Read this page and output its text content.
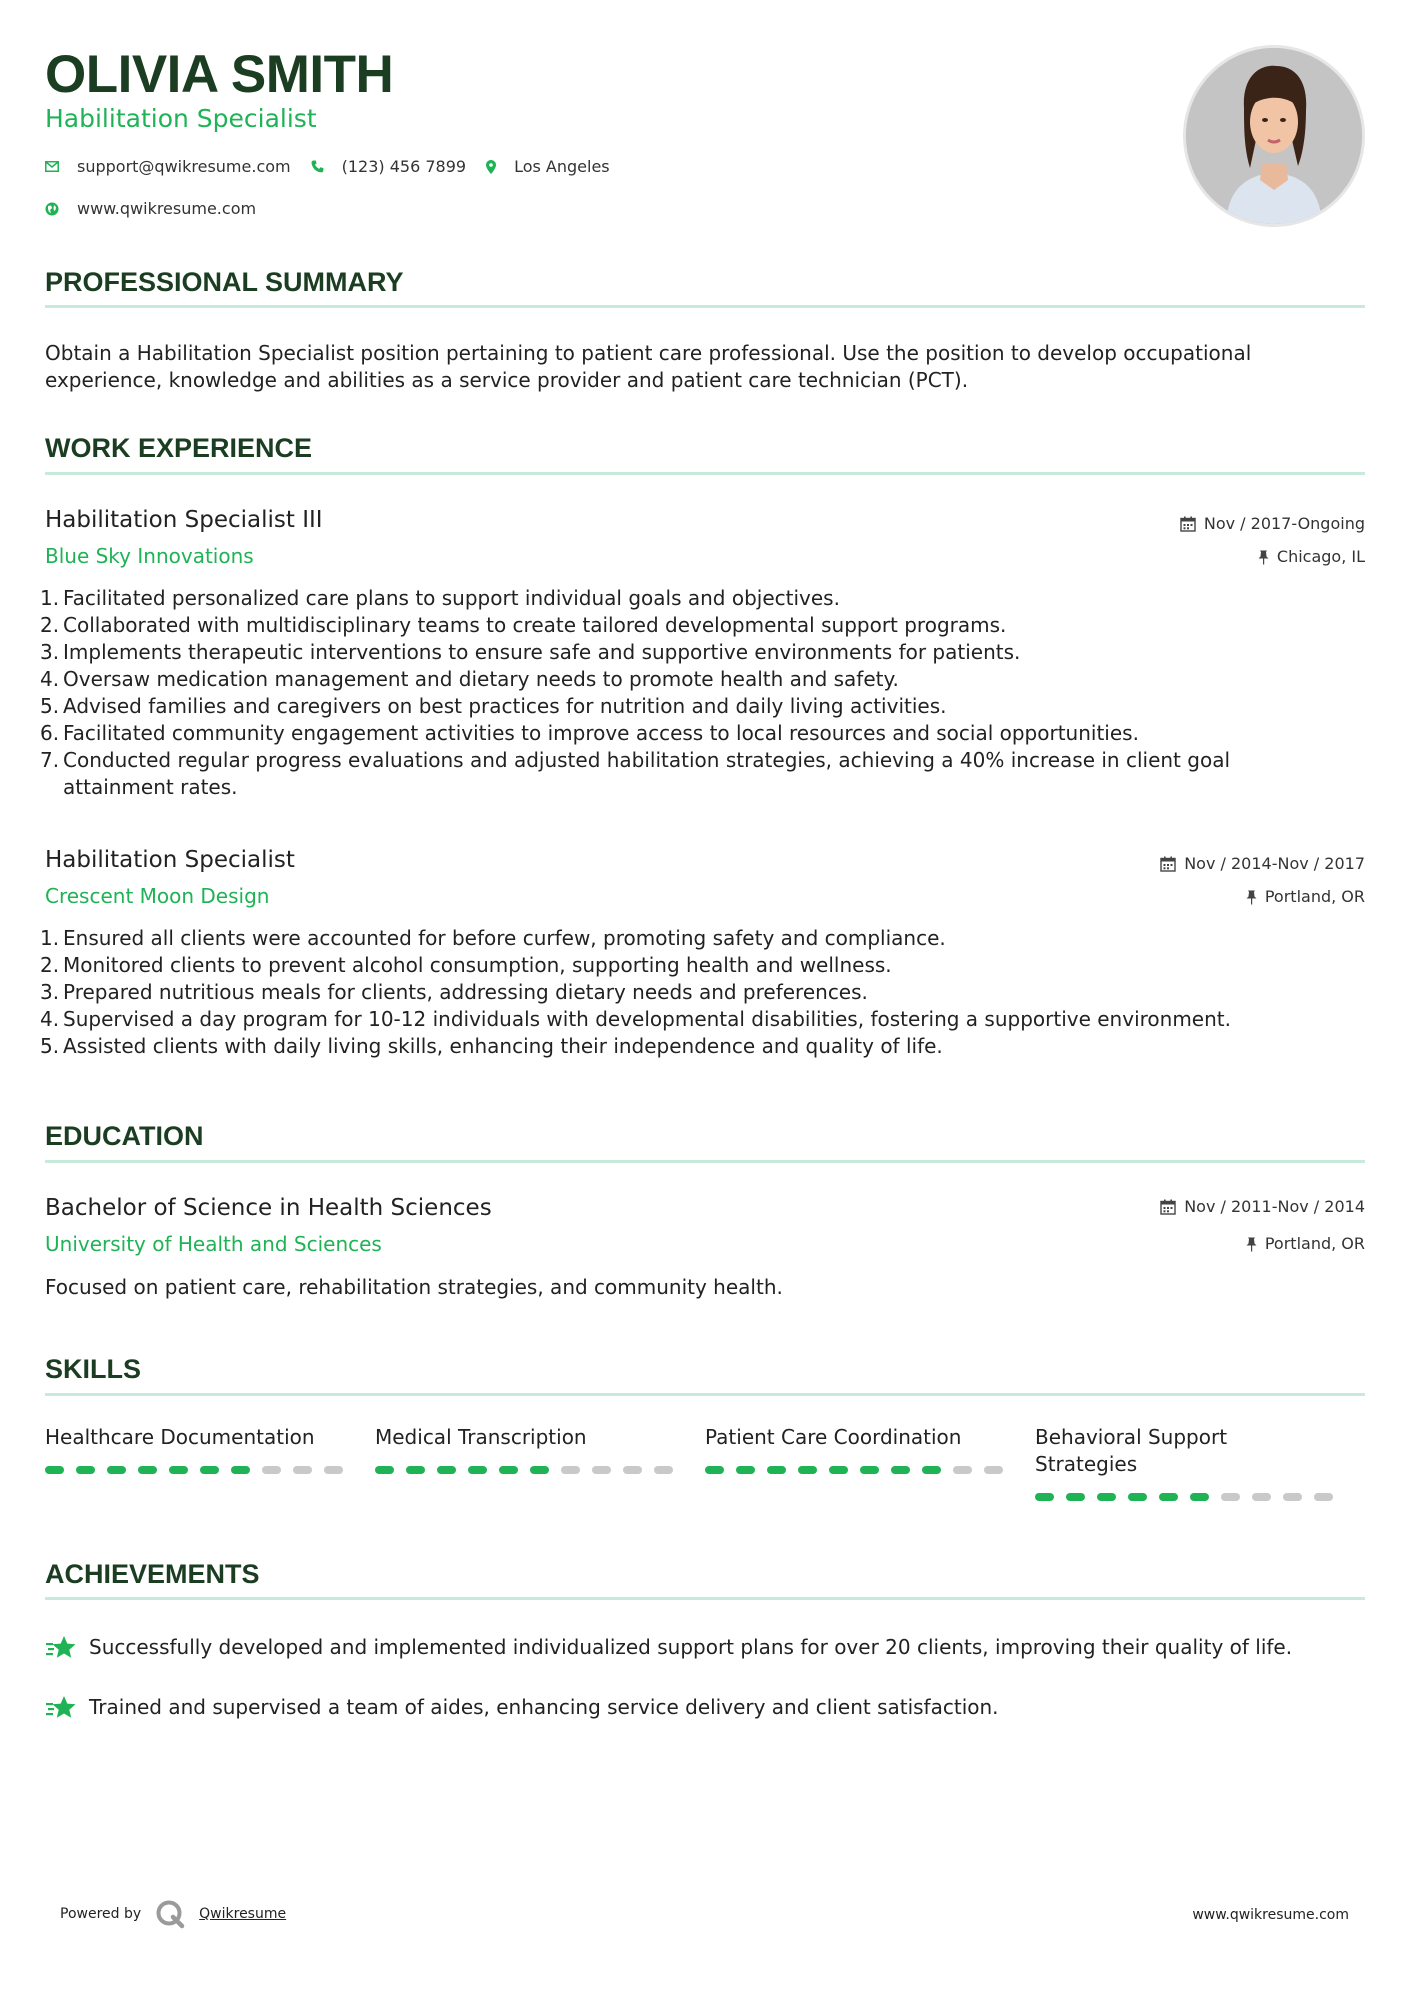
OLIVIA SMITH
Habilitation Specialist
support@qwikresume.com	(123) 456 7899	Los Angeles
www.qwikresume.com
PROFESSIONAL SUMMARY
Obtain a Habilitation Specialist position pertaining to patient care professional. Use the position to develop occupational experience, knowledge and abilities as a service provider and patient care technician (PCT).
WORK EXPERIENCE
Habilitation Specialist III
Blue Sky Innovations
Nov / 2017-Ongoing
Chicago, IL
Facilitated personalized care plans to support individual goals and objectives.
Collaborated with multidisciplinary teams to create tailored developmental support programs.
Implements therapeutic interventions to ensure safe and supportive environments for patients.
Oversaw medication management and dietary needs to promote health and safety.
Advised families and caregivers on best practices for nutrition and daily living activities.
Facilitated community engagement activities to improve access to local resources and social opportunities.
Conducted regular progress evaluations and adjusted habilitation strategies, achieving a 40% increase in client goal attainment rates.
Habilitation Specialist
Crescent Moon Design
Nov / 2014-Nov / 2017
Portland, OR
Ensured all clients were accounted for before curfew, promoting safety and compliance.
Monitored clients to prevent alcohol consumption, supporting health and wellness.
Prepared nutritious meals for clients, addressing dietary needs and preferences.
Supervised a day program for 10-12 individuals with developmental disabilities, fostering a supportive environment.
Assisted clients with daily living skills, enhancing their independence and quality of life.
EDUCATION
Bachelor of Science in Health Sciences
University of Health and Sciences
Nov / 2011-Nov / 2014
Portland, OR
Focused on patient care, rehabilitation strategies, and community health.
SKILLS
Healthcare Documentation	Medical Transcription	Patient Care Coordination	Behavioral Support Strategies
ACHIEVEMENTS
Successfully developed and implemented individualized support plans for over 20 clients, improving their quality of life.
Trained and supervised a team of aides, enhancing service delivery and client satisfaction.
Powered by	Qwikresume	www.qwikresume.com
